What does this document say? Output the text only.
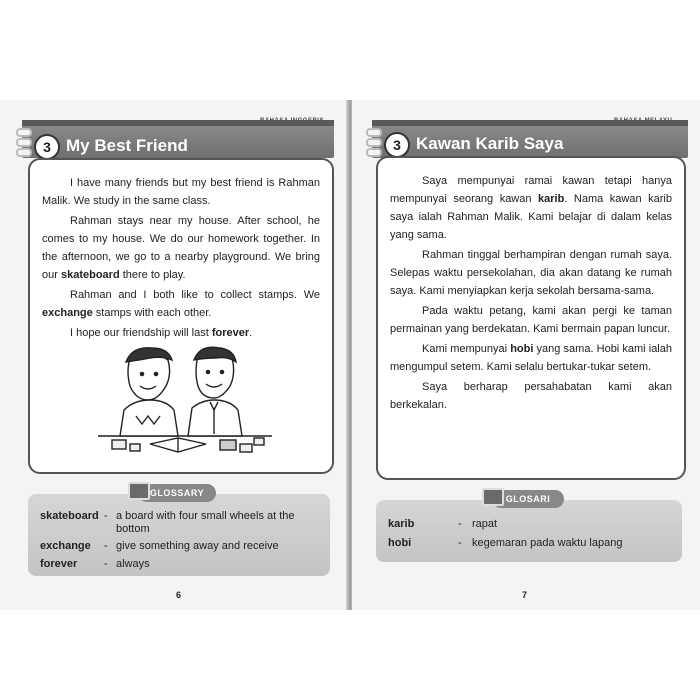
3 My Best Friend

I have many friends but my best friend is Rahman Malik. We study in the same class.

Rahman stays near my house. After school, he comes to my house. We do our homework together. In the afternoon, we go to a nearby playground. We bring our skateboard there to play.

Rahman and I both like to collect stamps. We exchange stamps with each other.

I hope our friendship will last forever.

GLOSSARY
skateboard - a board with four small wheels at the bottom
exchange - give something away and receive
forever - always
6
3 Kawan Karib Saya

Saya mempunyai ramai kawan tetapi hanya mempunyai seorang kawan karib. Nama kawan karib saya ialah Rahman Malik. Kami belajar di dalam kelas yang sama.

Rahman tinggal berhampiran dengan rumah saya. Selepas waktu persekolahan, dia akan datang ke rumah saya. Kami menyiapkan kerja sekolah bersama-sama.

Pada waktu petang, kami akan pergi ke taman permainan yang berdekatan. Kami bermain papan luncur.

Kami mempunyai hobi yang sama. Hobi kami ialah mengumpul setem. Kami selalu bertukar-tukar setem.

Saya berharap persahabatan kami akan berkekalan.

GLOSARI
karib	- rapat
hobi	- kegemaran pada waktu lapang
7
